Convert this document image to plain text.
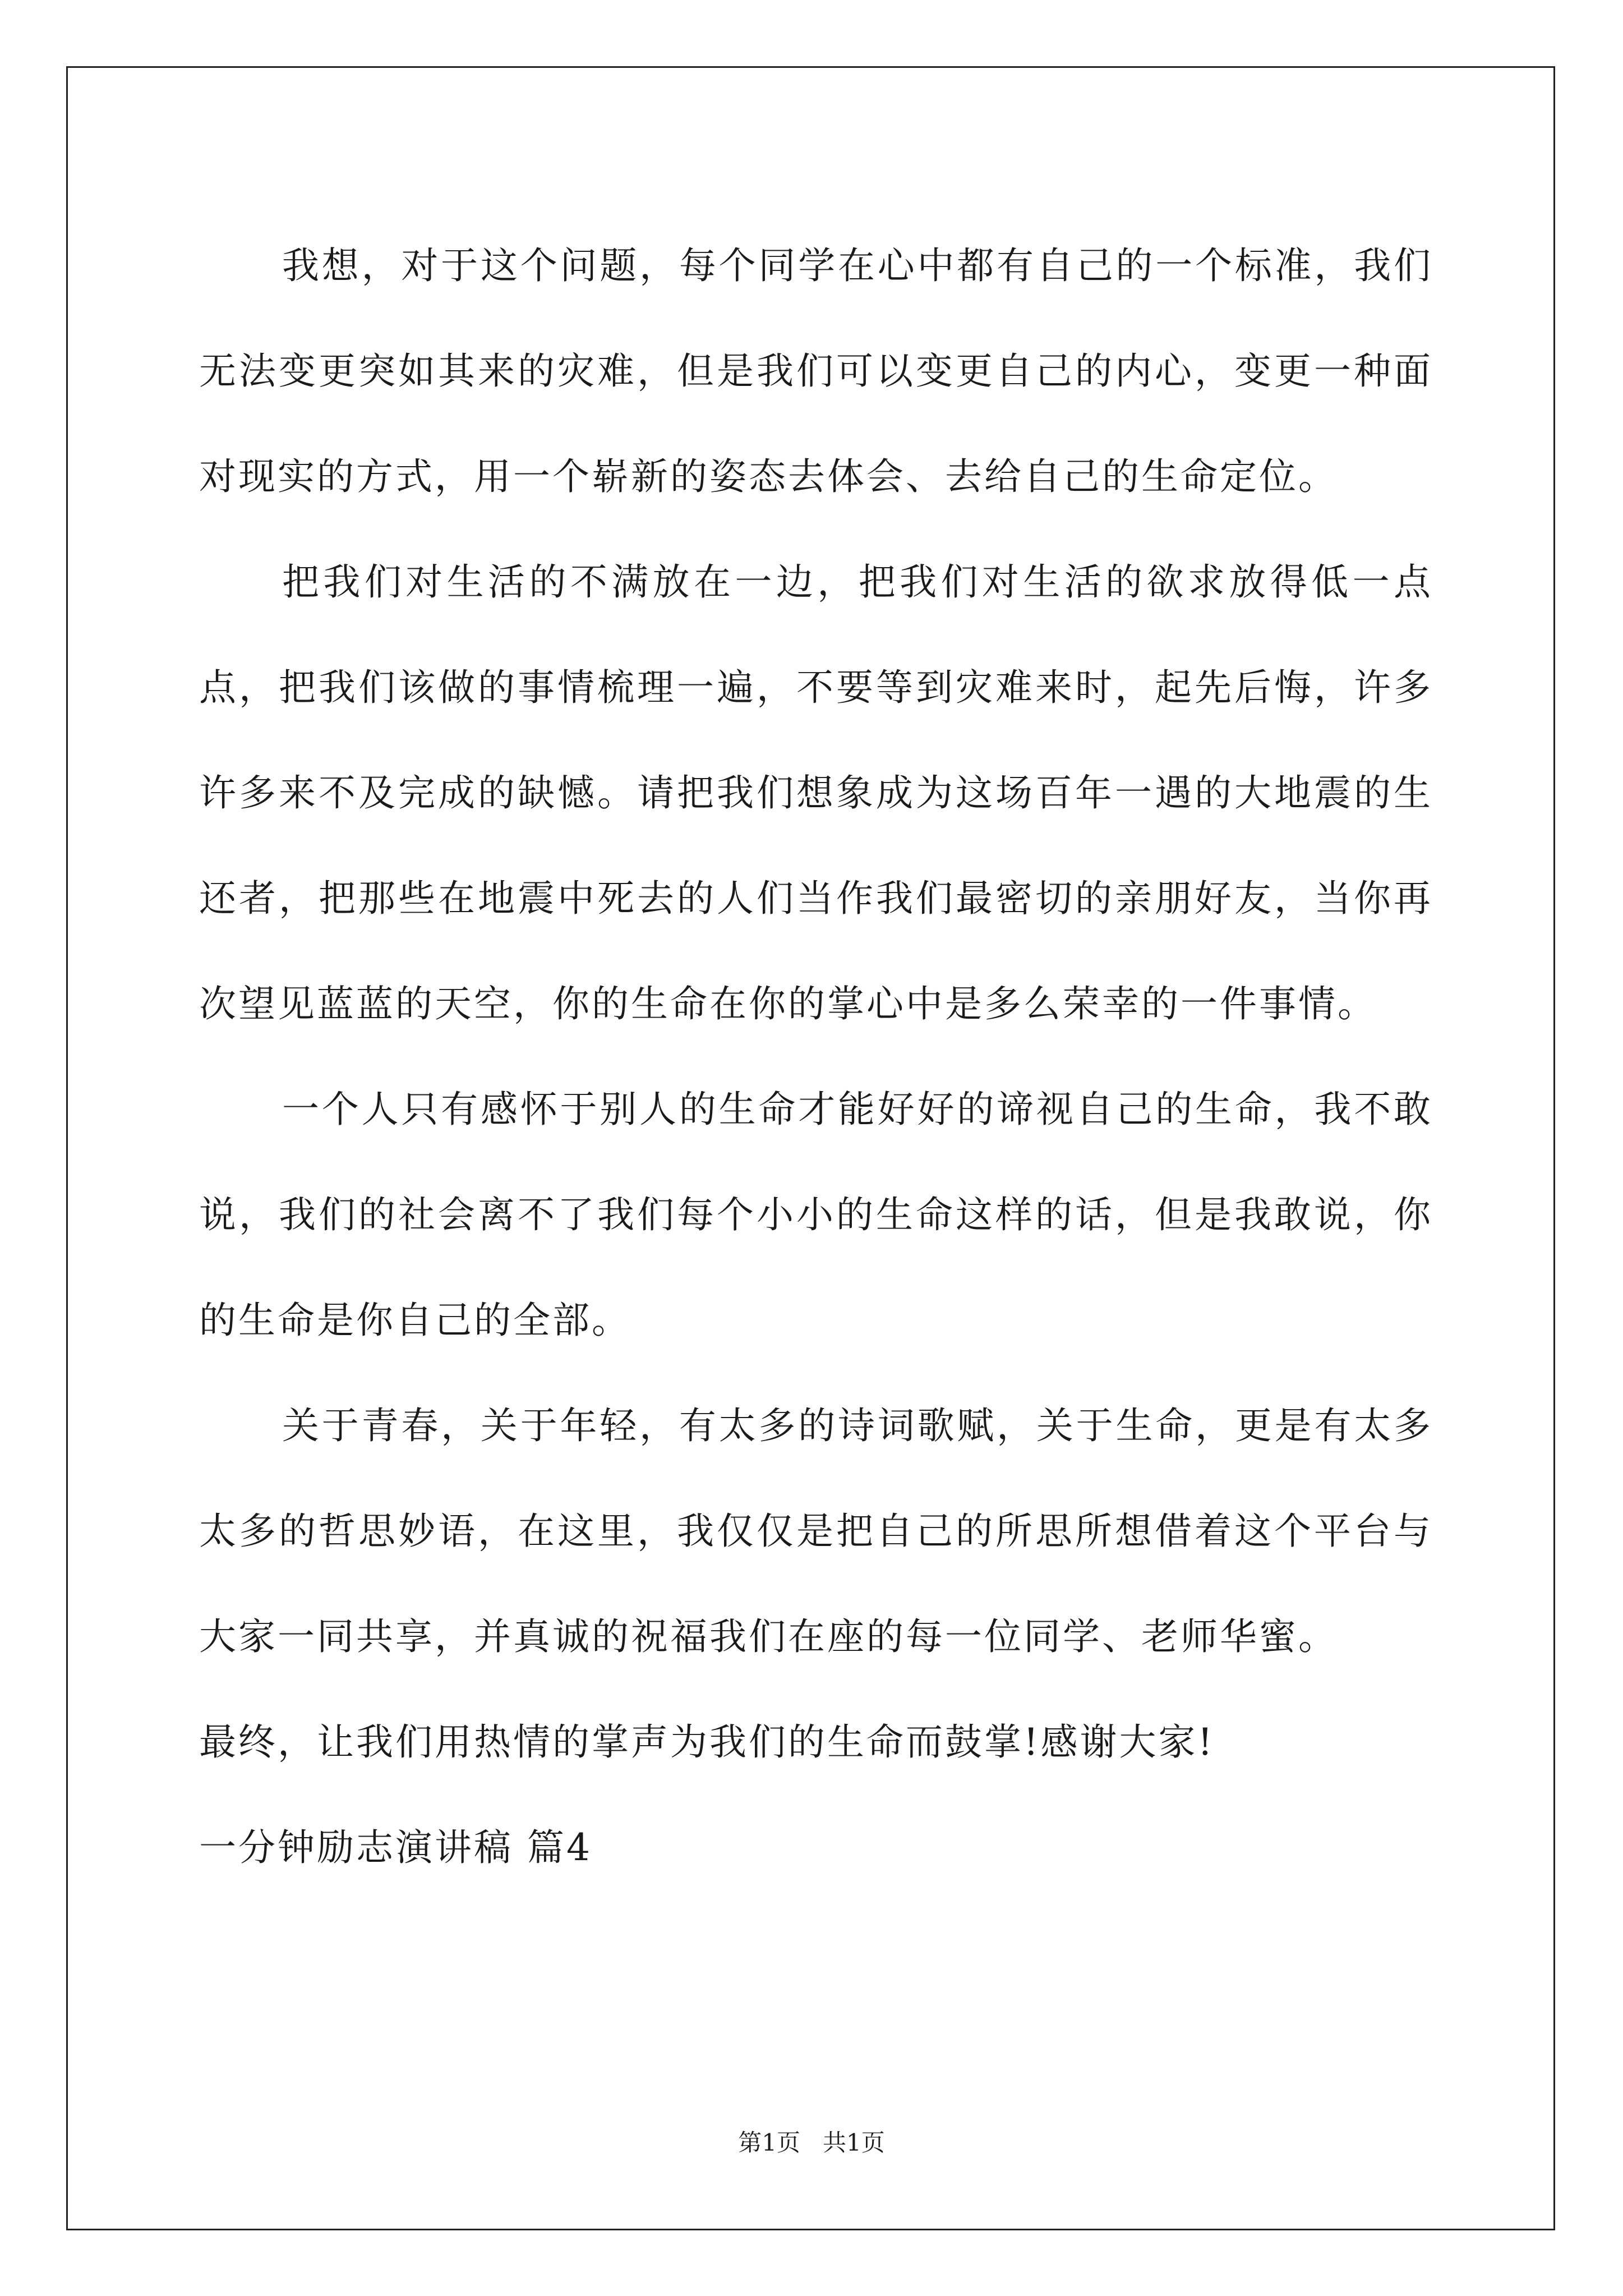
我想，对于这个问题，每个同学在心中都有自己的一个标准，我们无法变更突如其来的灾难，但是我们可以变更自己的内心，变更一种面对现实的方式，用一个崭新的姿态去体会、去给自己的生命定位。

把我们对生活的不满放在一边，把我们对生活的欲求放得低一点点，把我们该做的事情梳理一遍，不要等到灾难来时，起先后悔，许多许多来不及完成的缺憾。请把我们想象成为这场百年一遇的大地震的生还者，把那些在地震中死去的人们当作我们最密切的亲朋好友，当你再次望见蓝蓝的天空，你的生命在你的掌心中是多么荣幸的一件事情。

一个人只有感怀于别人的生命才能好好的谛视自己的生命，我不敢说，我们的社会离不了我们每个小小的生命这样的话，但是我敢说，你的生命是你自己的全部。

关于青春，关于年轻，有太多的诗词歌赋，关于生命，更是有太多太多的哲思妙语，在这里，我仅仅是把自己的所思所想借着这个平台与大家一同共享，并真诚的祝福我们在座的每一位同学、老师华蜜。

最终，让我们用热情的掌声为我们的生命而鼓掌!感谢大家!

一分钟励志演讲稿 篇4

第1页 共1页
